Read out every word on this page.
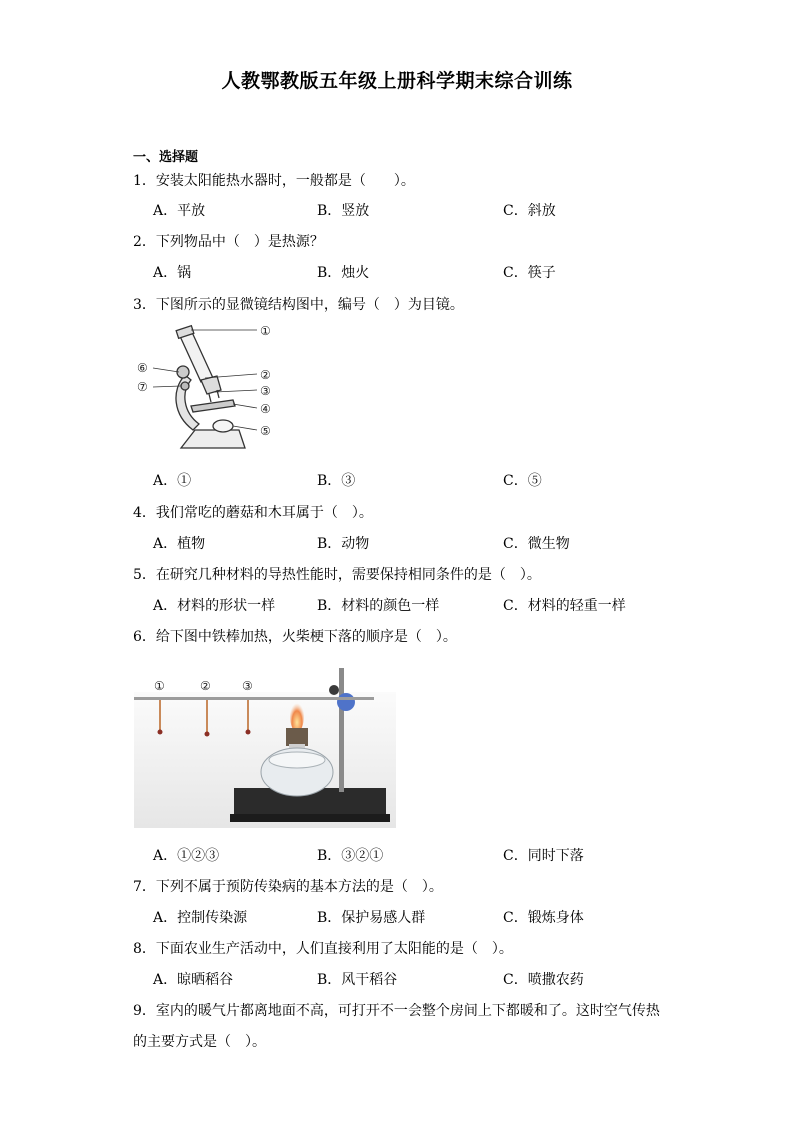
人教鄂教版五年级上册科学期末综合训练
一、选择题
1．安装太阳能热水器时，一般都是（　　）。
A．平放	B．竖放	C．斜放
2．下列物品中（　）是热源？
A．锅	B．烛火	C．筷子
3．下图所示的显微镜结构图中，编号（　）为目镜。
①
②
③
④
⑤
⑥
⑦
A．①	B．③	C．⑤
4．我们常吃的蘑菇和木耳属于（　）。
A．植物	B．动物	C．微生物
5．在研究几种材料的导热性能时，需要保持相同条件的是（　）。
A．材料的形状一样	B．材料的颜色一样	C．材料的轻重一样
6．给下图中铁棒加热，火柴梗下落的顺序是（　）。
①	②	③
A．①②③	B．③②①	C．同时下落
7．下列不属于预防传染病的基本方法的是（　）。
A．控制传染源	B．保护易感人群	C．锻炼身体
8．下面农业生产活动中，人们直接利用了太阳能的是（　）。
A．晾晒稻谷	B．风干稻谷	C．喷撒农药
9．室内的暖气片都离地面不高，可打开不一会整个房间上下都暖和了。这时空气传热
的主要方式是（　）。
